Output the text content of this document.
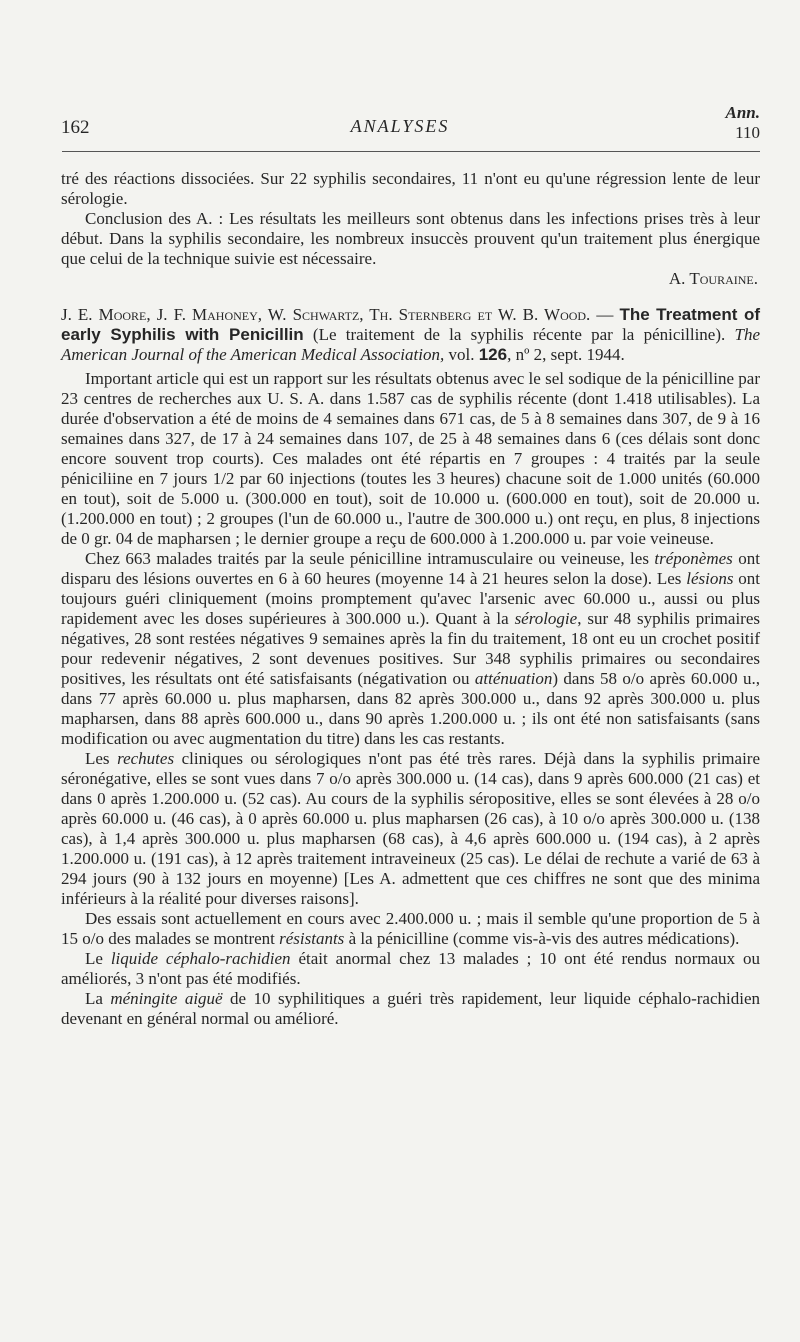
162	ANALYSES
Ann.
110

tré des réactions dissociées. Sur 22 syphilis secondaires, 11 n'ont eu qu'une régression lente de leur sérologie.

Conclusion des A. : Les résultats les meilleurs sont obtenus dans les infections prises très à leur début. Dans la syphilis secondaire, les nombreux insuccès prouvent qu'un traitement plus énergique que celui de la technique suivie est nécessaire.

A. Touraine.

J. E. Moore, J. F. Mahoney, W. Schwartz, Th. Sternberg et W. B. Wood. — The Treatment of early Syphilis with Penicillin (Le traitement de la syphilis récente par la pénicilline). The American Journal of the American Medical Association, vol. 126, nº 2, sept. 1944.

Important article qui est un rapport sur les résultats obtenus avec le sel sodique de la pénicilline par 23 centres de recherches aux U. S. A. dans 1.587 cas de syphilis récente (dont 1.418 utilisables). La durée d'observation a été de moins de 4 semaines dans 671 cas, de 5 à 8 semaines dans 307, de 9 à 16 semaines dans 327, de 17 à 24 semaines dans 107, de 25 à 48 semaines dans 6 (ces délais sont donc encore souvent trop courts). Ces malades ont été répartis en 7 groupes : 4 traités par la seule péniciliine en 7 jours 1/2 par 60 injections (toutes les 3 heures) chacune soit de 1.000 unités (60.000 en tout), soit de 5.000 u. (300.000 en tout), soit de 10.000 u. (600.000 en tout), soit de 20.000 u. (1.200.000 en tout) ; 2 groupes (l'un de 60.000 u., l'autre de 300.000 u.) ont reçu, en plus, 8 injections de 0 gr. 04 de mapharsen ; le dernier groupe a reçu de 600.000 à 1.200.000 u. par voie veineuse.

Chez 663 malades traités par la seule pénicilline intramusculaire ou veineuse, les tréponèmes ont disparu des lésions ouvertes en 6 à 60 heures (moyenne 14 à 21 heures selon la dose). Les lésions ont toujours guéri cliniquement (moins promptement qu'avec l'arsenic avec 60.000 u., aussi ou plus rapidement avec les doses supérieures à 300.000 u.). Quant à la sérologie, sur 48 syphilis primaires négatives, 28 sont restées négatives 9 semaines après la fin du traitement, 18 ont eu un crochet positif pour redevenir négatives, 2 sont devenues positives. Sur 348 syphilis primaires ou secondaires positives, les résultats ont été satisfaisants (négativation ou atténuation) dans 58 o/o après 60.000 u., dans 77 après 60.000 u. plus mapharsen, dans 82 après 300.000 u., dans 92 après 300.000 u. plus mapharsen, dans 88 après 600.000 u., dans 90 après 1.200.000 u. ; ils ont été non satisfaisants (sans modification ou avec augmentation du titre) dans les cas restants.

Les rechutes cliniques ou sérologiques n'ont pas été très rares. Déjà dans la syphilis primaire séronégative, elles se sont vues dans 7 o/o après 300.000 u. (14 cas), dans 9 après 600.000 (21 cas) et dans 0 après 1.200.000 u. (52 cas). Au cours de la syphilis séropositive, elles se sont élevées à 28 o/o après 60.000 u. (46 cas), à 0 après 60.000 u. plus mapharsen (26 cas), à 10 o/o après 300.000 u. (138 cas), à 1,4 après 300.000 u. plus mapharsen (68 cas), à 4,6 après 600.000 u. (194 cas), à 2 après 1.200.000 u. (191 cas), à 12 après traitement intraveineux (25 cas). Le délai de rechute a varié de 63 à 294 jours (90 à 132 jours en moyenne) [Les A. admettent que ces chiffres ne sont que des minima inférieurs à la réalité pour diverses raisons].

Des essais sont actuellement en cours avec 2.400.000 u. ; mais il semble qu'une proportion de 5 à 15 o/o des malades se montrent résistants à la pénicilline (comme vis-à-vis des autres médications).

Le liquide céphalo-rachidien était anormal chez 13 malades ; 10 ont été rendus normaux ou améliorés, 3 n'ont pas été modifiés.

La méningite aiguë de 10 syphilitiques a guéri très rapidement, leur liquide céphalo-rachidien devenant en général normal ou amélioré.
